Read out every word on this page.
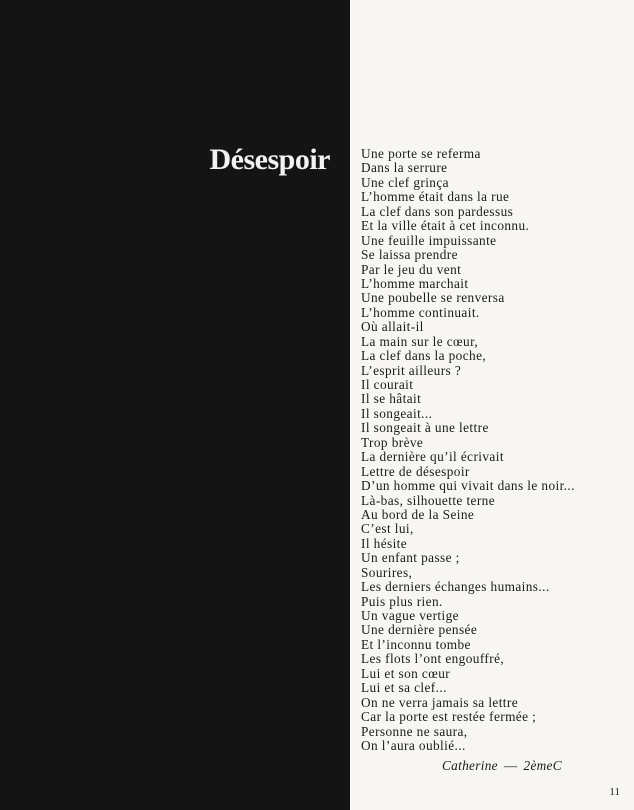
Désespoir Une porte se referma
Dans la serrure
Une clef grinça
L’homme était dans la rue
La clef dans son pardessus
Et la ville était à cet inconnu.
Une feuille impuissante
Se laissa prendre
Par le jeu du vent
L’homme marchait
Une poubelle se renversa
L’homme continuait.
Où allait-il
La main sur le cœur,
La clef dans la poche,
L’esprit ailleurs ?
Il courait
Il se hâtait
Il songeait...
Il songeait à une lettre
Trop brève
La dernière qu’il écrivait
Lettre de désespoir
D’un homme qui vivait dans le noir...
Là-bas, silhouette terne
Au bord de la Seine
C’est lui,
Il hésite
Un enfant passe ;
Sourires,
Les derniers échanges humains...
Puis plus rien.
Un vague vertige
Une dernière pensée
Et l’inconnu tombe
Les flots l’ont engouffré,
Lui et son cœur
Lui et sa clef...
On ne verra jamais sa lettre
Car la porte est restée fermée ;
Personne ne saura,
On l’aura oublié...
Catherine — 2èmeC
11
